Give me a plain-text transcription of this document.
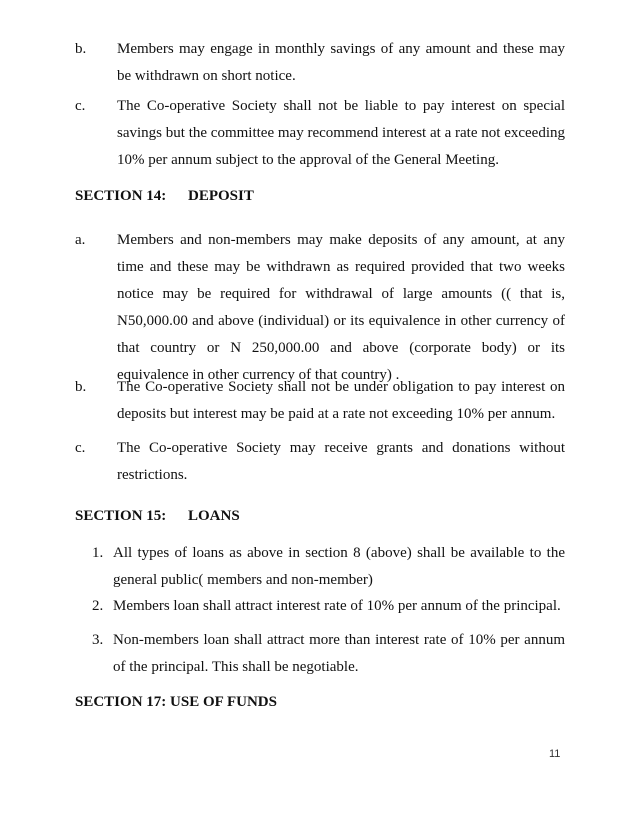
b. Members may engage in monthly savings of any amount and these may be withdrawn on short notice.
c. The Co-operative Society shall not be liable to pay interest on special savings but the committee may recommend interest at a rate not exceeding 10% per annum subject to the approval of the General Meeting.
SECTION 14: DEPOSIT
a. Members and non-members may make deposits of any amount, at any time and these may be withdrawn as required provided that two weeks notice may be required for withdrawal of large amounts (( that is, N50,000.00 and above (individual) or its equivalence in other currency of that country or N 250,000.00 and above (corporate body) or its equivalence in other currency of that country) .
b. The Co-operative Society shall not be under obligation to pay interest on deposits but interest may be paid at a rate not exceeding 10% per annum.
c. The Co-operative Society may receive grants and donations without restrictions.
SECTION 15: LOANS
1. All types of loans as above in section 8 (above) shall be available to the general public( members and non-member)
2. Members loan shall attract interest rate of 10% per annum of the principal.
3. Non-members loan shall attract more than interest rate of 10% per annum of the principal. This shall be negotiable.
SECTION 17: USE OF FUNDS
11
